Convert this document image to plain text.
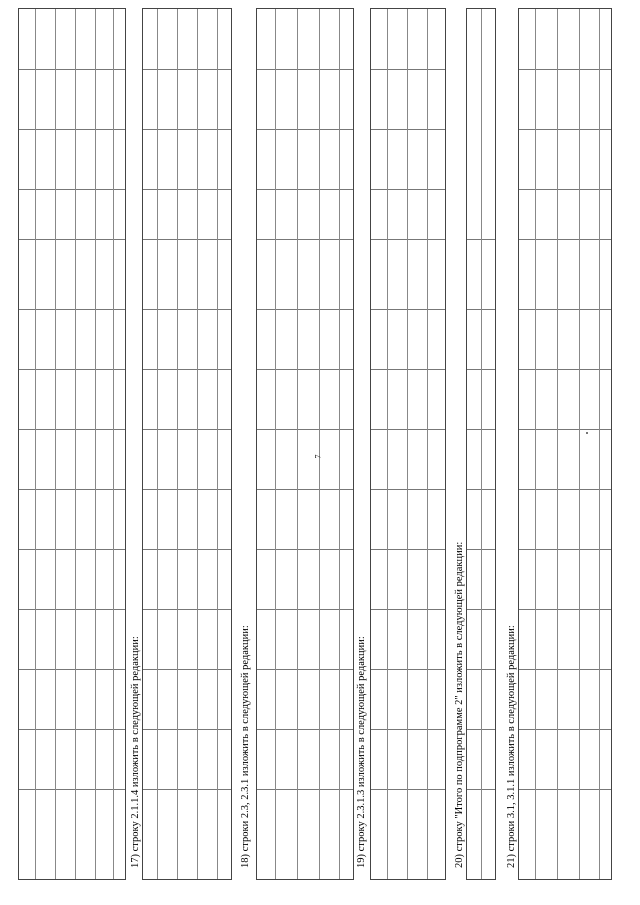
17) строку 2.1.1.4 изложить в следующей редакции:	18) строки 2.3, 2.3.1 изложить в следующей редакции:	19) строку 2.3.1.3 изложить в следующей редакции:	20) строку "Итого по подпрограмме 2" изложить в следующей редакции:	21) строки 3.1, 3.1.1 изложить в следующей редакции:
7
